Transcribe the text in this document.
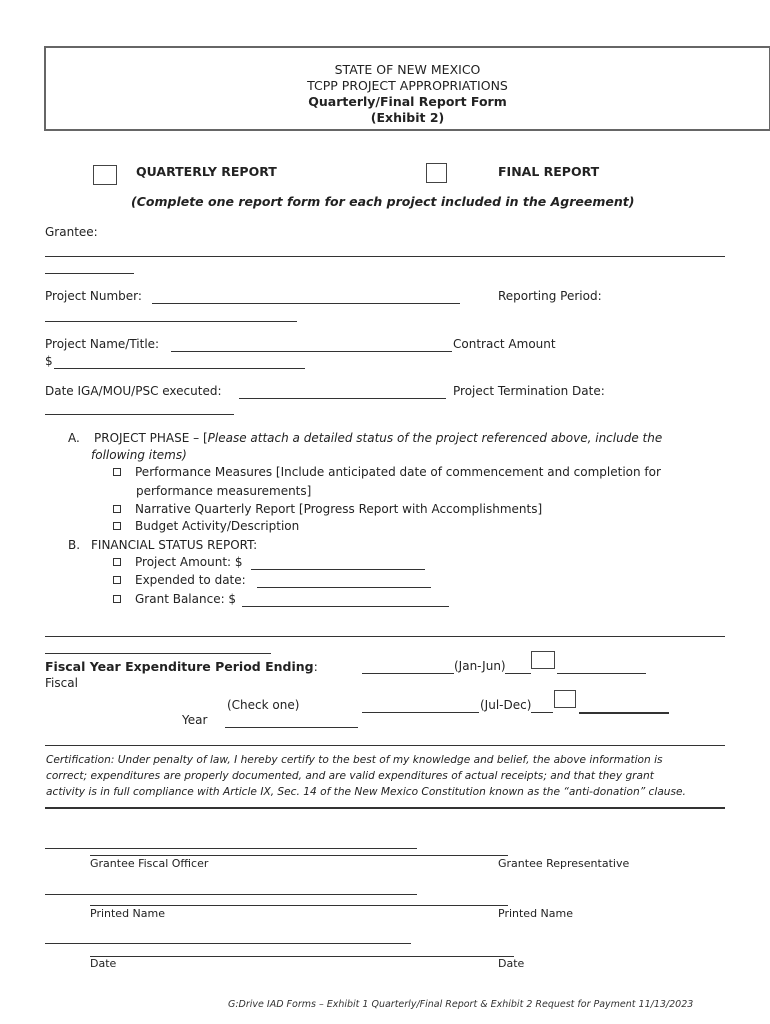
STATE OF NEW MEXICO
TCPP PROJECT APPROPRIATIONS
Quarterly/Final Report Form
(Exhibit 2)
QUARTERLY REPORT	FINAL REPORT
(Complete one report form for each project included in the Agreement)
Grantee:
Project Number:	Reporting Period:
Project Name/Title:	Contract Amount
$
Date IGA/MOU/PSC executed:	Project Termination Date:
A. PROJECT PHASE – [Please attach a detailed status of the project referenced above, include the
following items)
Performance Measures [Include anticipated date of commencement and completion for
performance measurements]
Narrative Quarterly Report [Progress Report with Accomplishments]
Budget Activity/Description
B. FINANCIAL STATUS REPORT:
Project Amount: $
Expended to date:
Grant Balance: $
Fiscal Year Expenditure Period Ending:	(Jan-Jun)
Fiscal
(Check one)	(Jul-Dec)
Year
Certification: Under penalty of law, I hereby certify to the best of my knowledge and belief, the above information is
correct; expenditures are properly documented, and are valid expenditures of actual receipts; and that they grant
activity is in full compliance with Article IX, Sec. 14 of the New Mexico Constitution known as the “anti-donation” clause.
Grantee Fiscal Officer	Grantee Representative
Printed Name	Printed Name
Date	Date
G:Drive IAD Forms – Exhibit 1 Quarterly/Final Report & Exhibit 2 Request for Payment 11/13/2023
